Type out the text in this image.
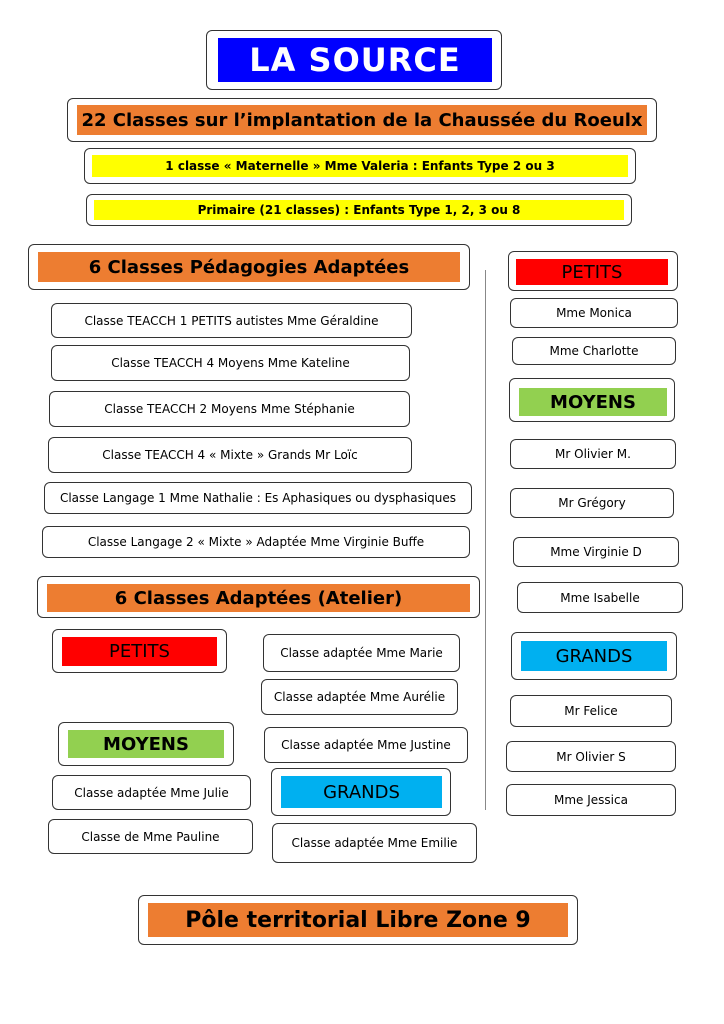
LA SOURCE
22 Classes sur l’implantation de la Chaussée du Roeulx
1 classe « Maternelle » Mme Valeria : Enfants Type 2 ou 3
Primaire (21 classes) : Enfants Type 1, 2, 3 ou 8
6 Classes Pédagogies Adaptées
Classe TEACCH 1 PETITS autistes Mme Géraldine
Classe TEACCH 4 Moyens Mme Kateline
Classe TEACCH 2 Moyens Mme Stéphanie
Classe TEACCH 4 « Mixte » Grands Mr Loïc
Classe Langage 1 Mme Nathalie : Es Aphasiques ou dysphasiques
Classe Langage 2 « Mixte » Adaptée Mme Virginie Buffe
6 Classes Adaptées (Atelier)
PETITS
MOYENS
Classe adaptée Mme Julie
Classe de Mme Pauline
Classe adaptée Mme Marie
Classe adaptée Mme Aurélie
Classe adaptée Mme Justine
GRANDS
Classe adaptée Mme Emilie
PETITS
Mme Monica
Mme Charlotte
MOYENS
Mr Olivier M.
Mr Grégory
Mme Virginie D
Mme Isabelle
GRANDS
Mr Felice
Mr Olivier S
Mme Jessica
Pôle territorial Libre Zone 9
